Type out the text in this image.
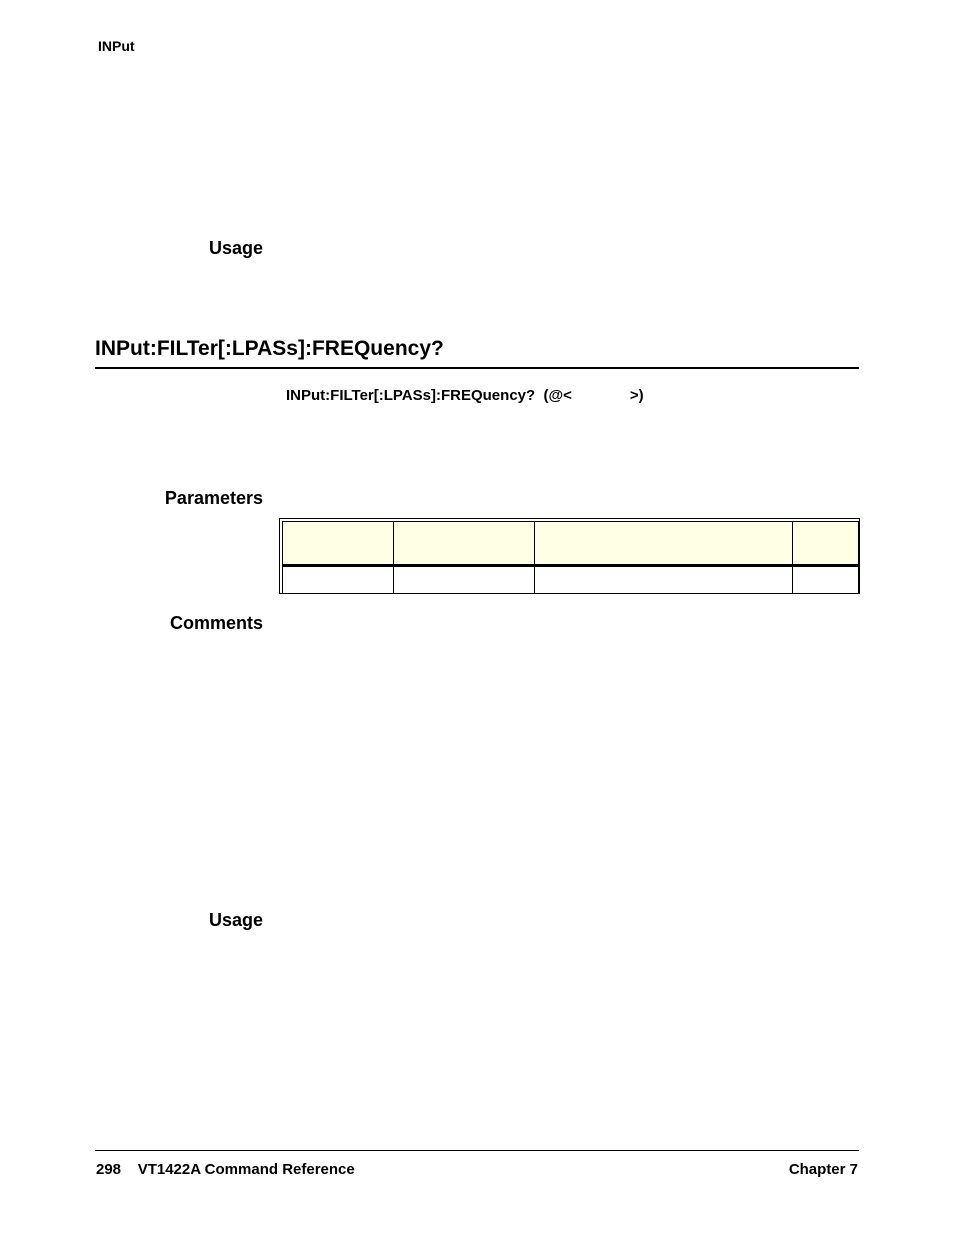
INPut
Usage
INPut:FILTer[:LPASs]:FREQuency?
INPut:FILTer[:LPASs]:FREQuency?  (@<	>)
Parameters

Comments
Usage
298 VT1422A Command Reference	Chapter 7
